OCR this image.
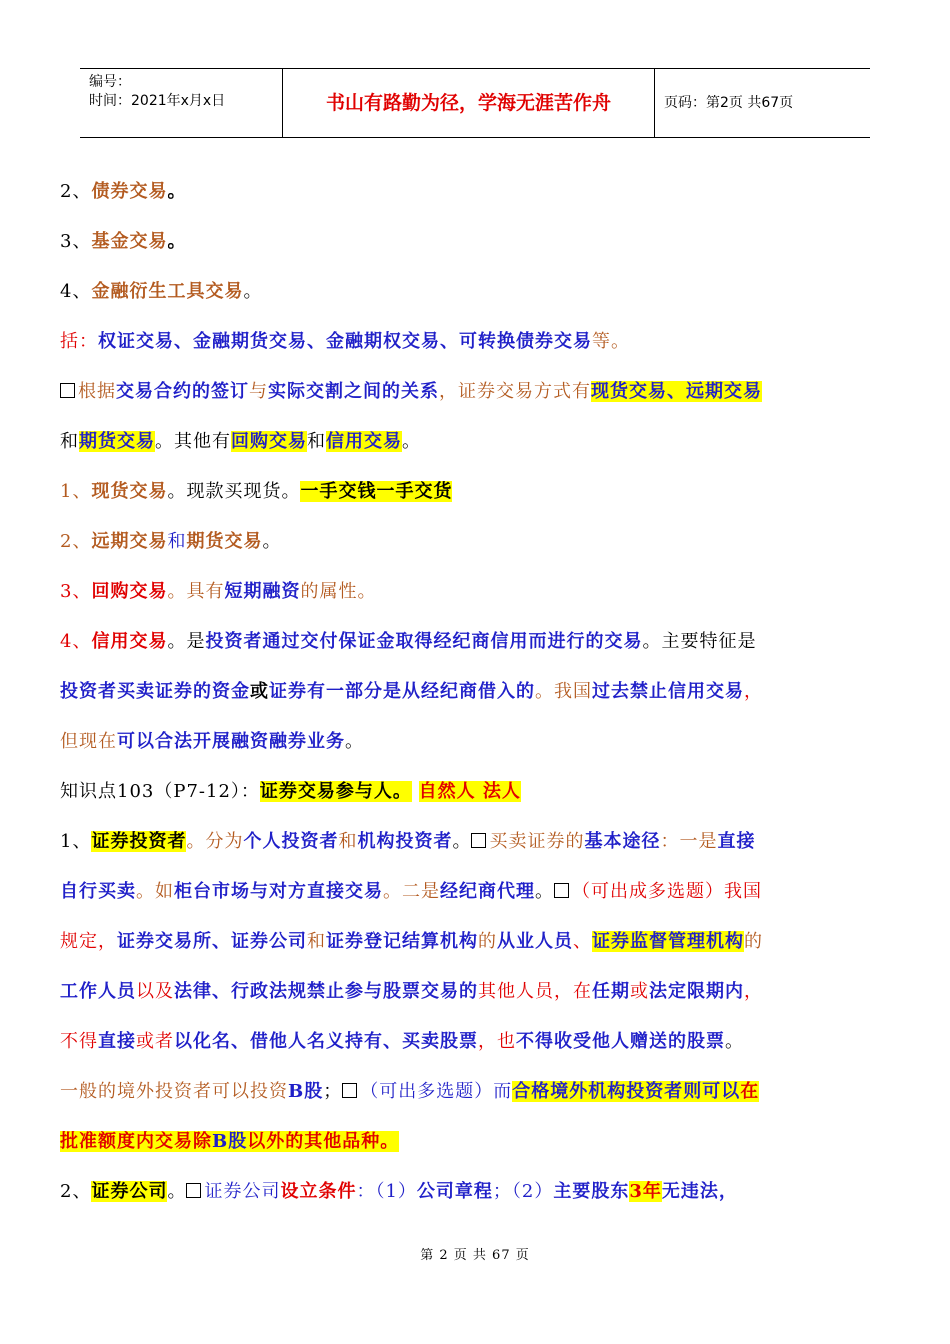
编号：
时间：2021年x月x日	书山有路勤为径，学海无涯苦作舟	页码：第2页 共67页
2、债券交易。
3、基金交易。
4、金融衍生工具交易。
括：权证交易、金融期货交易、金融期权交易、可转换债券交易等。
根据交易合约的签订与实际交割之间的关系，证券交易方式有现货交易、远期交易
和期货交易。其他有回购交易和信用交易。
1、现货交易。现款买现货。一手交钱一手交货
2、远期交易和期货交易。
3、回购交易。具有短期融资的属性。
4、信用交易。是投资者通过交付保证金取得经纪商信用而进行的交易。主要特征是
投资者买卖证券的资金或证券有一部分是从经纪商借入的。我国过去禁止信用交易，
但现在可以合法开展融资融券业务。
知识点103（P7-12）：证券交易参与人。 自然人 法人
1、证券投资者。分为个人投资者和机构投资者。 买卖证券的基本途径：一是直接
自行买卖。如柜台市场与对方直接交易。二是经纪商代理。 （可出成多选题）我国
规定，证券交易所、证券公司和证券登记结算机构的从业人员、证券监督管理机构的
工作人员以及法律、行政法规禁止参与股票交易的其他人员，在任期或法定限期内，
不得直接或者以化名、借他人名义持有、买卖股票，也不得收受他人赠送的股票。
一般的境外投资者可以投资B股； （可出多选题）而合格境外机构投资者则可以在
批准额度内交易除B股以外的其他品种。
2、证券公司。 证券公司设立条件：（1）公司章程；（2）主要股东3年无违法，
第 2 页 共 67 页
